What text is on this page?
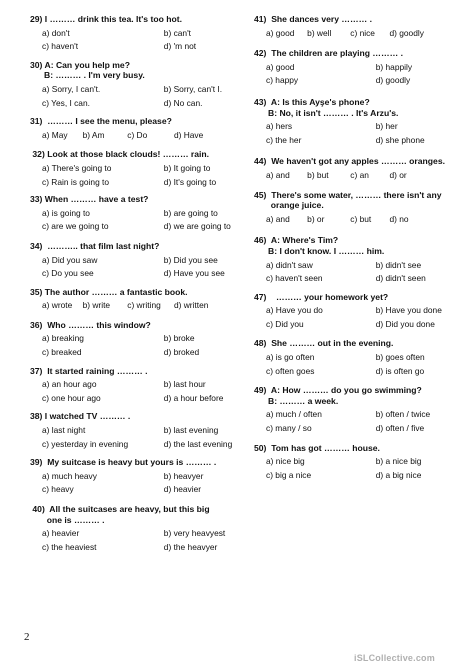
29) I ……… drink this tea. It's too hot.
a) don't	b) can't
c) haven't	d) 'm not
30) A: Can you help me?
B: ……… . I'm very busy.
a) Sorry, I can't.	b) Sorry, can't I.
c) Yes, I can.	d) No can.
31)  ……… I see the menu, please?
a) May	b) Am	c) Do	d) Have
32) Look at those black clouds! ……… rain.
a) There's going to	b) It going to
c) Rain is going to	d) It's going to
33) When ……… have a test?
a) is going to	b) are going to
c) are we going to	d) we are going to
34)  ……….. that film last night?
a) Did you saw	b) Did you see
c) Do you see	d) Have you see
35) The author ……… a fantastic book.
a) wrote	b) write	c) writing	d) written
36)  Who ……… this window?
a) breaking	b) broke
c) breaked	d) broked
37)  It started raining ……… .
a) an hour ago	b) last hour
c) one hour ago	d) a hour before
38) I watched TV ……… .
a) last night	b) last evening
c) yesterday in evening	d) the last evening
39)  My suitcase is heavy but yours is ……… .
a) much heavy	b) heavyer
c) heavy	d) heavier
40)  All the suitcases are heavy, but this big
one is ……… .
a) heavier	b) very heavyest
c) the heaviest	d) the heavyer
41)  She dances very ……… .
a) good	b) well	c) nice	d) goodly
42)  The children are playing ……… .
a) good	b) happily
c) happy	d) goodly
43)  A: Is this Ayşe's phone?
B: No, it isn't ……… . It's Arzu's.
a) hers	b) her
c) the her	d) she phone
44)  We haven't got any apples ……… oranges.
a) and	b) but	c) an	d) or
45)  There's some water, ……… there isn't any
orange juice.
a) and	b) or	c) but	d) no
46)  A: Where's Tim?
B: I don't know. I ……… him.
a) didn't saw	b) didn't see
c) haven't seen	d) didn't seen
47)    ……… your homework yet?
a) Have you do	b) Have you done
c) Did you	d) Did you done
48)  She ……… out in the evening.
a) is go often	b) goes often
c) often goes	d) is often go
49)  A: How ……… do you go swimming?
B: ……… a week.
a) much / often	b) often / twice
c) many / so	d) often / five
50)  Tom has got ……… house.
a) nice big	b) a nice big
c) big a nice	d) a big nice
2
iSLCollective.com
